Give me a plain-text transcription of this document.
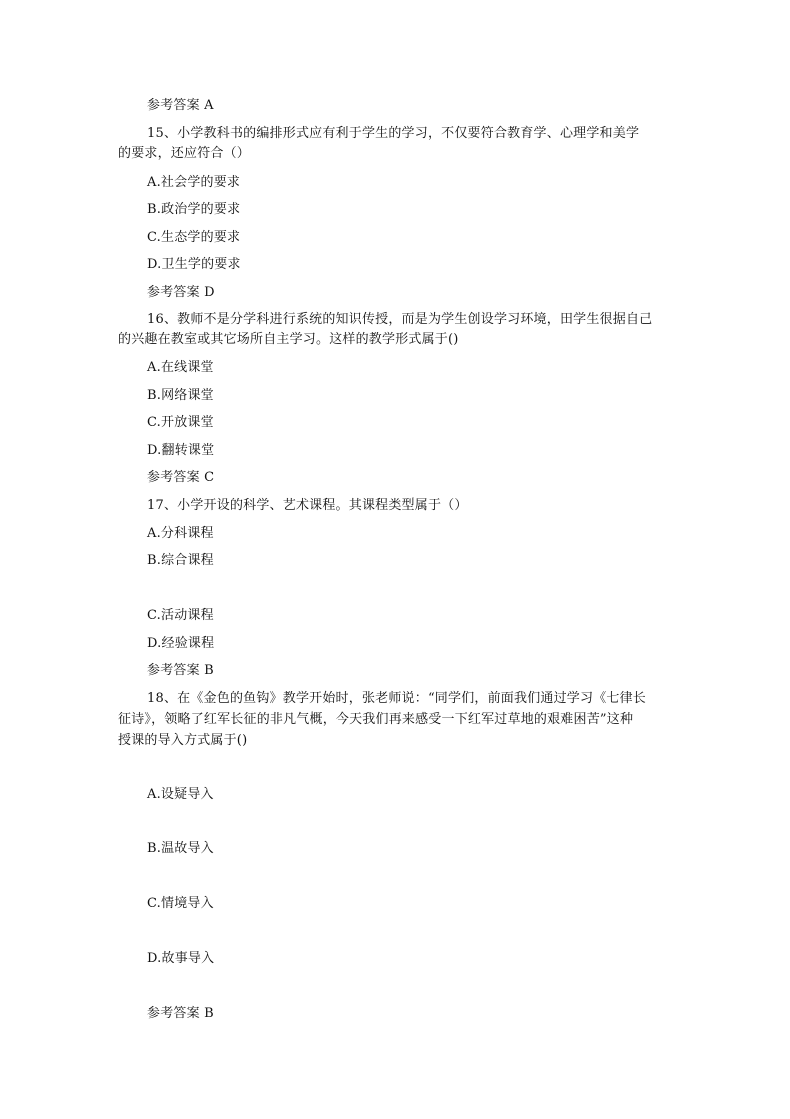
参考答案 A
15、小学教科书的编排形式应有利于学生的学习，不仅要符合教育学、心理学和美学
的要求，还应符合（）
A.社会学的要求
B.政治学的要求
C.生态学的要求
D.卫生学的要求
参考答案 D
16、教师不是分学科进行系统的知识传授，而是为学生创设学习环境，田学生很据自己
的兴趣在教室或其它场所自主学习。这样的教学形式属于()
A.在线课堂
B.网络课堂
C.开放课堂
D.翻转课堂
参考答案 C
17、小学开设的科学、艺术课程。其课程类型属于（）
A.分科课程
B.综合课程
C.活动课程
D.经验课程
参考答案 B
18、在《金色的鱼钩》教学开始时，张老师说：“同学们，前面我们通过学习《七律长
征诗》，领略了红军长征的非凡气概，今天我们再来感受一下红军过草地的艰难困苦”这种
授课的导入方式属于()
A.设疑导入
B.温故导入
C.情境导入
D.故事导入
参考答案 B
